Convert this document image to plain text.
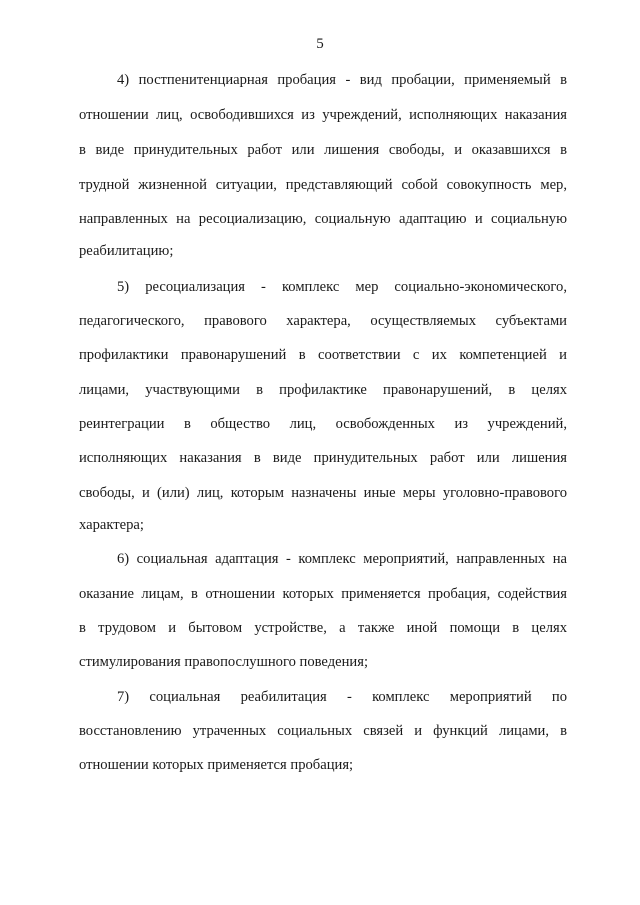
5
4) постпенитенциарная пробация - вид пробации, применяемый в
отношении лиц, освободившихся из учреждений, исполняющих наказания
в виде принудительных работ или лишения свободы, и оказавшихся в
трудной жизненной ситуации, представляющий собой совокупность мер,
направленных на ресоциализацию, социальную адаптацию и социальную
реабилитацию;
5) ресоциализация - комплекс мер социально-экономического,
педагогического, правового характера, осуществляемых субъектами
профилактики правонарушений в соответствии с их компетенцией и
лицами, участвующими в профилактике правонарушений, в целях
реинтеграции в общество лиц, освобожденных из учреждений,
исполняющих наказания в виде принудительных работ или лишения
свободы, и (или) лиц, которым назначены иные меры уголовно-правового
характера;
6) социальная адаптация - комплекс мероприятий, направленных на
оказание лицам, в отношении которых применяется пробация, содействия
в трудовом и бытовом устройстве, а также иной помощи в целях
стимулирования правопослушного поведения;
7) социальная реабилитация - комплекс мероприятий по
восстановлению утраченных социальных связей и функций лицами, в
отношении которых применяется пробация;
